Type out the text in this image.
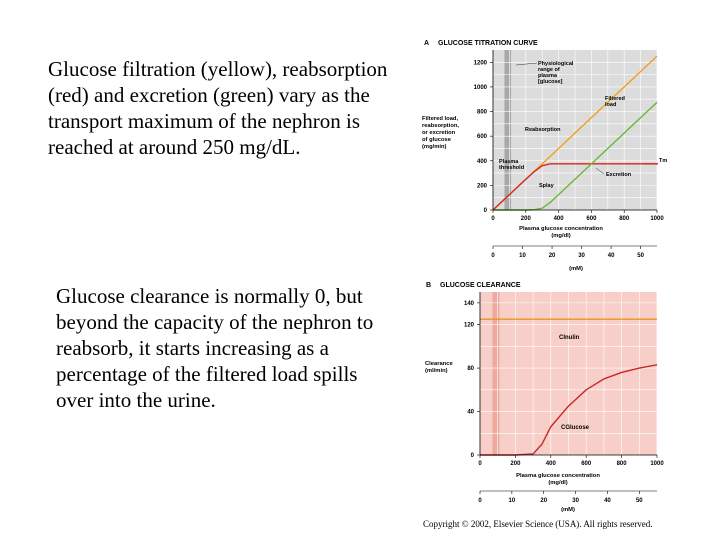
Glucose filtration (yellow), reabsorption (red) and excretion (green) vary as the transport maximum of the nephron is reached at around 250 mg/dL.
Glucose clearance is normally 0, but beyond the capacity of the nephron to reabsorb, it starts increasing as a percentage of the filtered load spills over into the urine.
A GLUCOSE TITRATION CURVE
0
200
400
600
800
1000
1200
0	200	400	600	800	1000
Filtered load,
reabsorption,
or excretion
of glucose
(mg/min)
Plasma glucose concentration
(mg/dl)
0	10	20	30	40	50
(mM)
Physiological
range of
plasma
[glucose]
Filtered
load
Reabsorption
Plasma
threshold
Splay
Excretion
Tm
B GLUCOSE CLEARANCE
0
40
80
120
140
0	200	400	600	800	1000
Clearance
(ml/min)
Plasma glucose concentration
(mg/dl)
0	10	20	30	40	50
(mM)
CInulin
CGlucose
Copyright © 2002, Elsevier Science (USA). All rights reserved.
